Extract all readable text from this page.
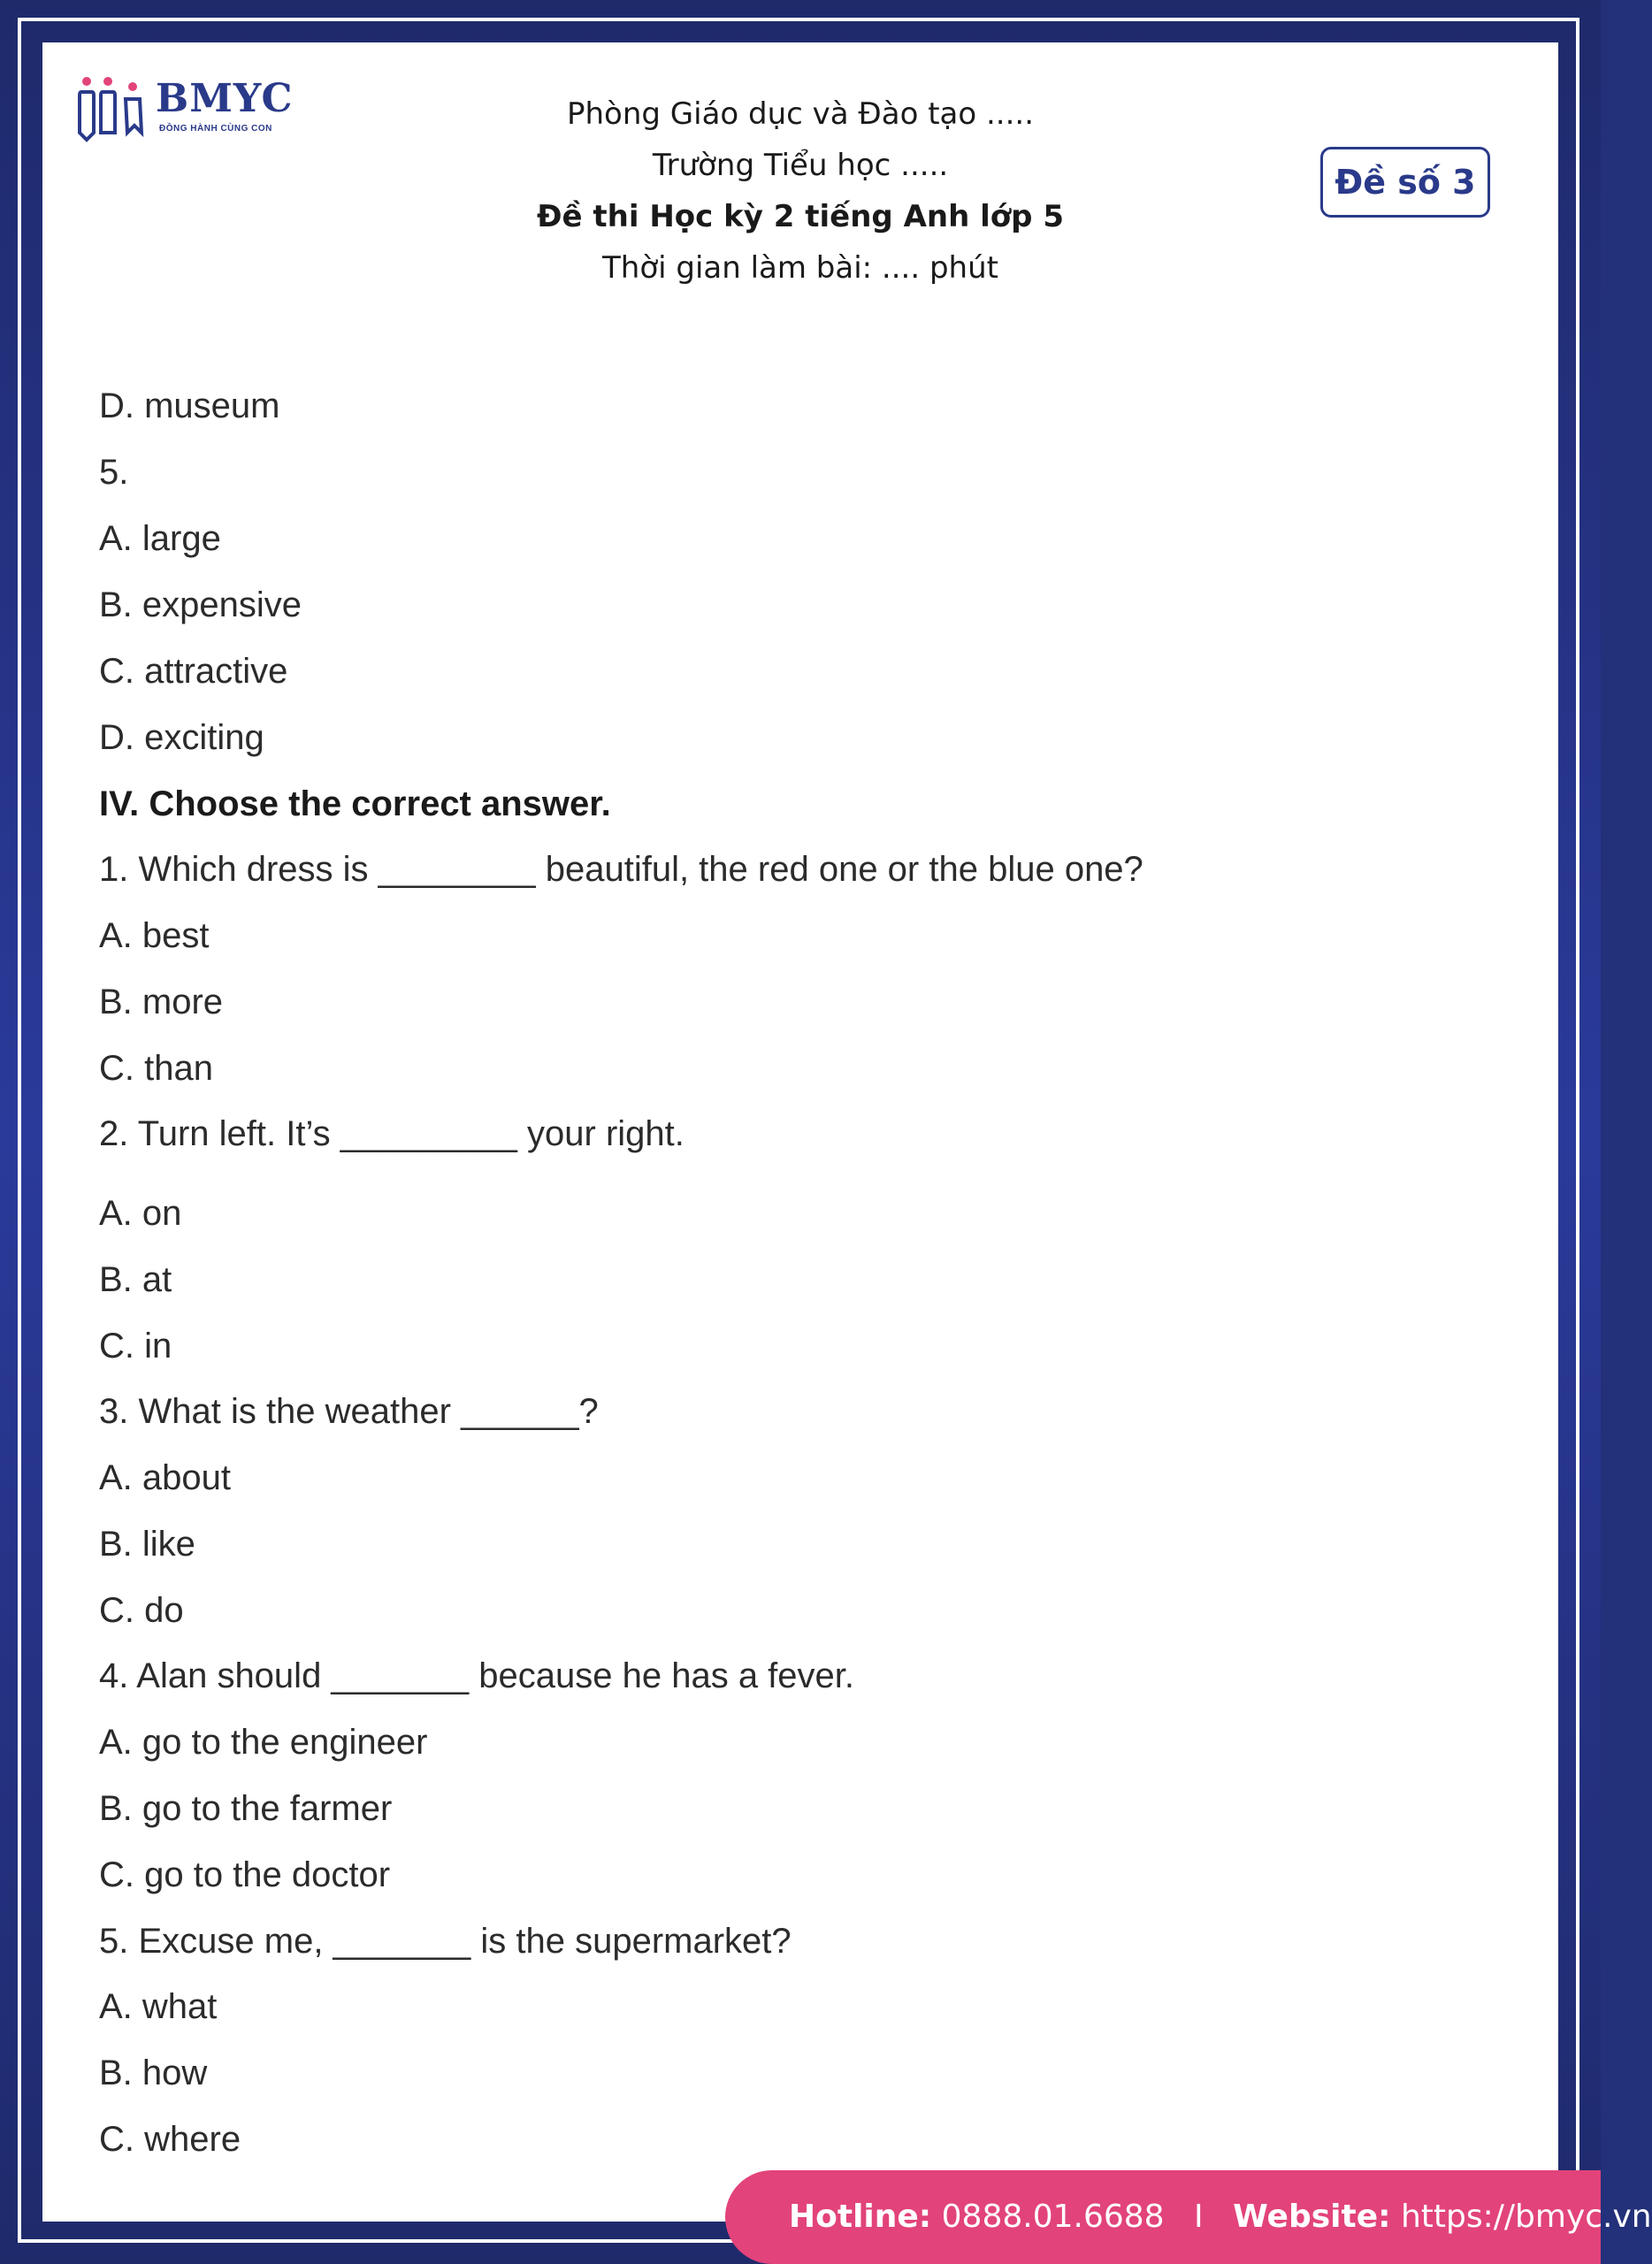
BMYC
ĐỒNG HÀNH CÙNG CON	Phòng Giáo dục và Đào tạo .....
Trường Tiểu học .....
Đề thi Học kỳ 2 tiếng Anh lớp 5
Thời gian làm bài: .... phút
Đề số 3
D. museum
5.
A. large
B. expensive
C. attractive
D. exciting
IV. Choose the correct answer.
1. Which dress is ________ beautiful, the red one or the blue one?
A. best
B. more
C. than
2. Turn left. It’s _________ your right.
A. on
B. at
C. in
3. What is the weather ______?
A. about
B. like
C. do
4. Alan should _______ because he has a fever.
A. go to the engineer
B. go to the farmer
C. go to the doctor
5. Excuse me, _______ is the supermarket?
A. what
B. how
C. where
Hotline: 0888.01.6688 I Website: https://bmyc.vn
